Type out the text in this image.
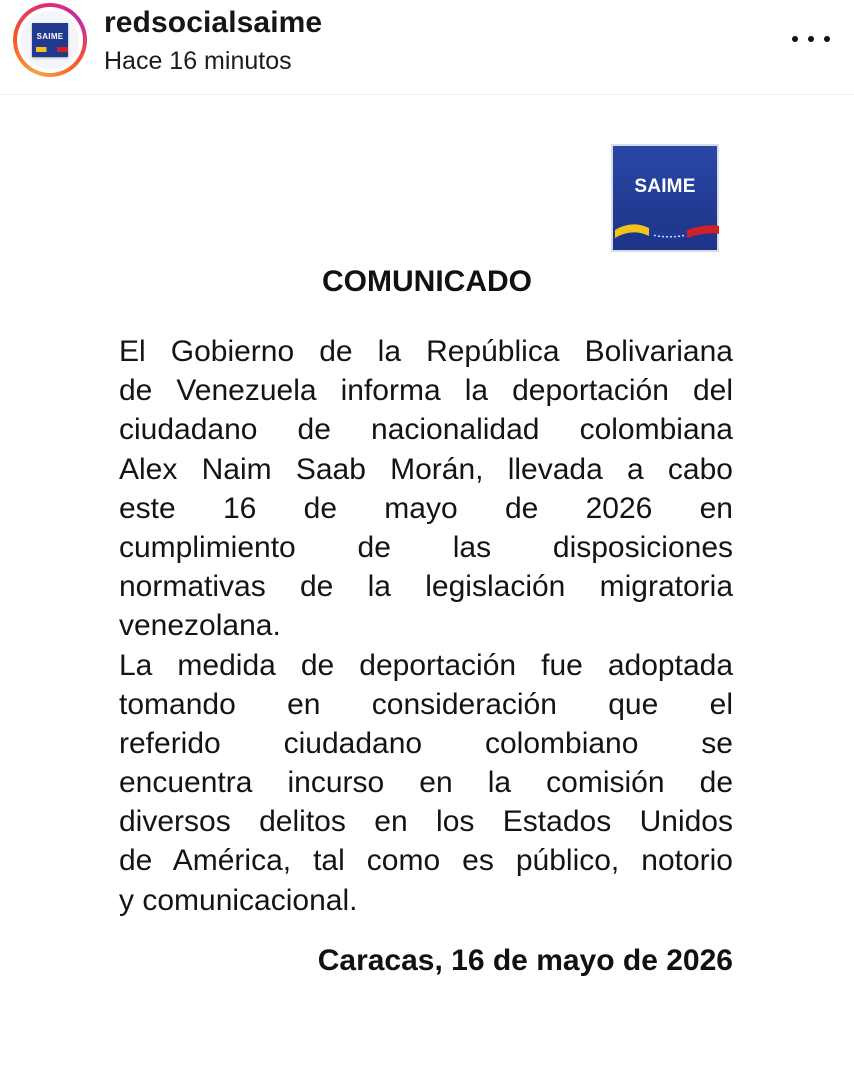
SAIME redsocialsaime
Hace 16 minutos
SAIME
COMUNICADO
El Gobierno de la República Bolivariana
de Venezuela informa la deportación del
ciudadano de nacionalidad colombiana
Alex Naim Saab Morán, llevada a cabo
este 16 de mayo de 2026 en
cumplimiento de las disposiciones
normativas de la legislación migratoria
venezolana.
La medida de deportación fue adoptada
tomando en consideración que el
referido ciudadano colombiano se
encuentra incurso en la comisión de
diversos delitos en los Estados Unidos
de América, tal como es público, notorio
y comunicacional.
Caracas, 16 de mayo de 2026
